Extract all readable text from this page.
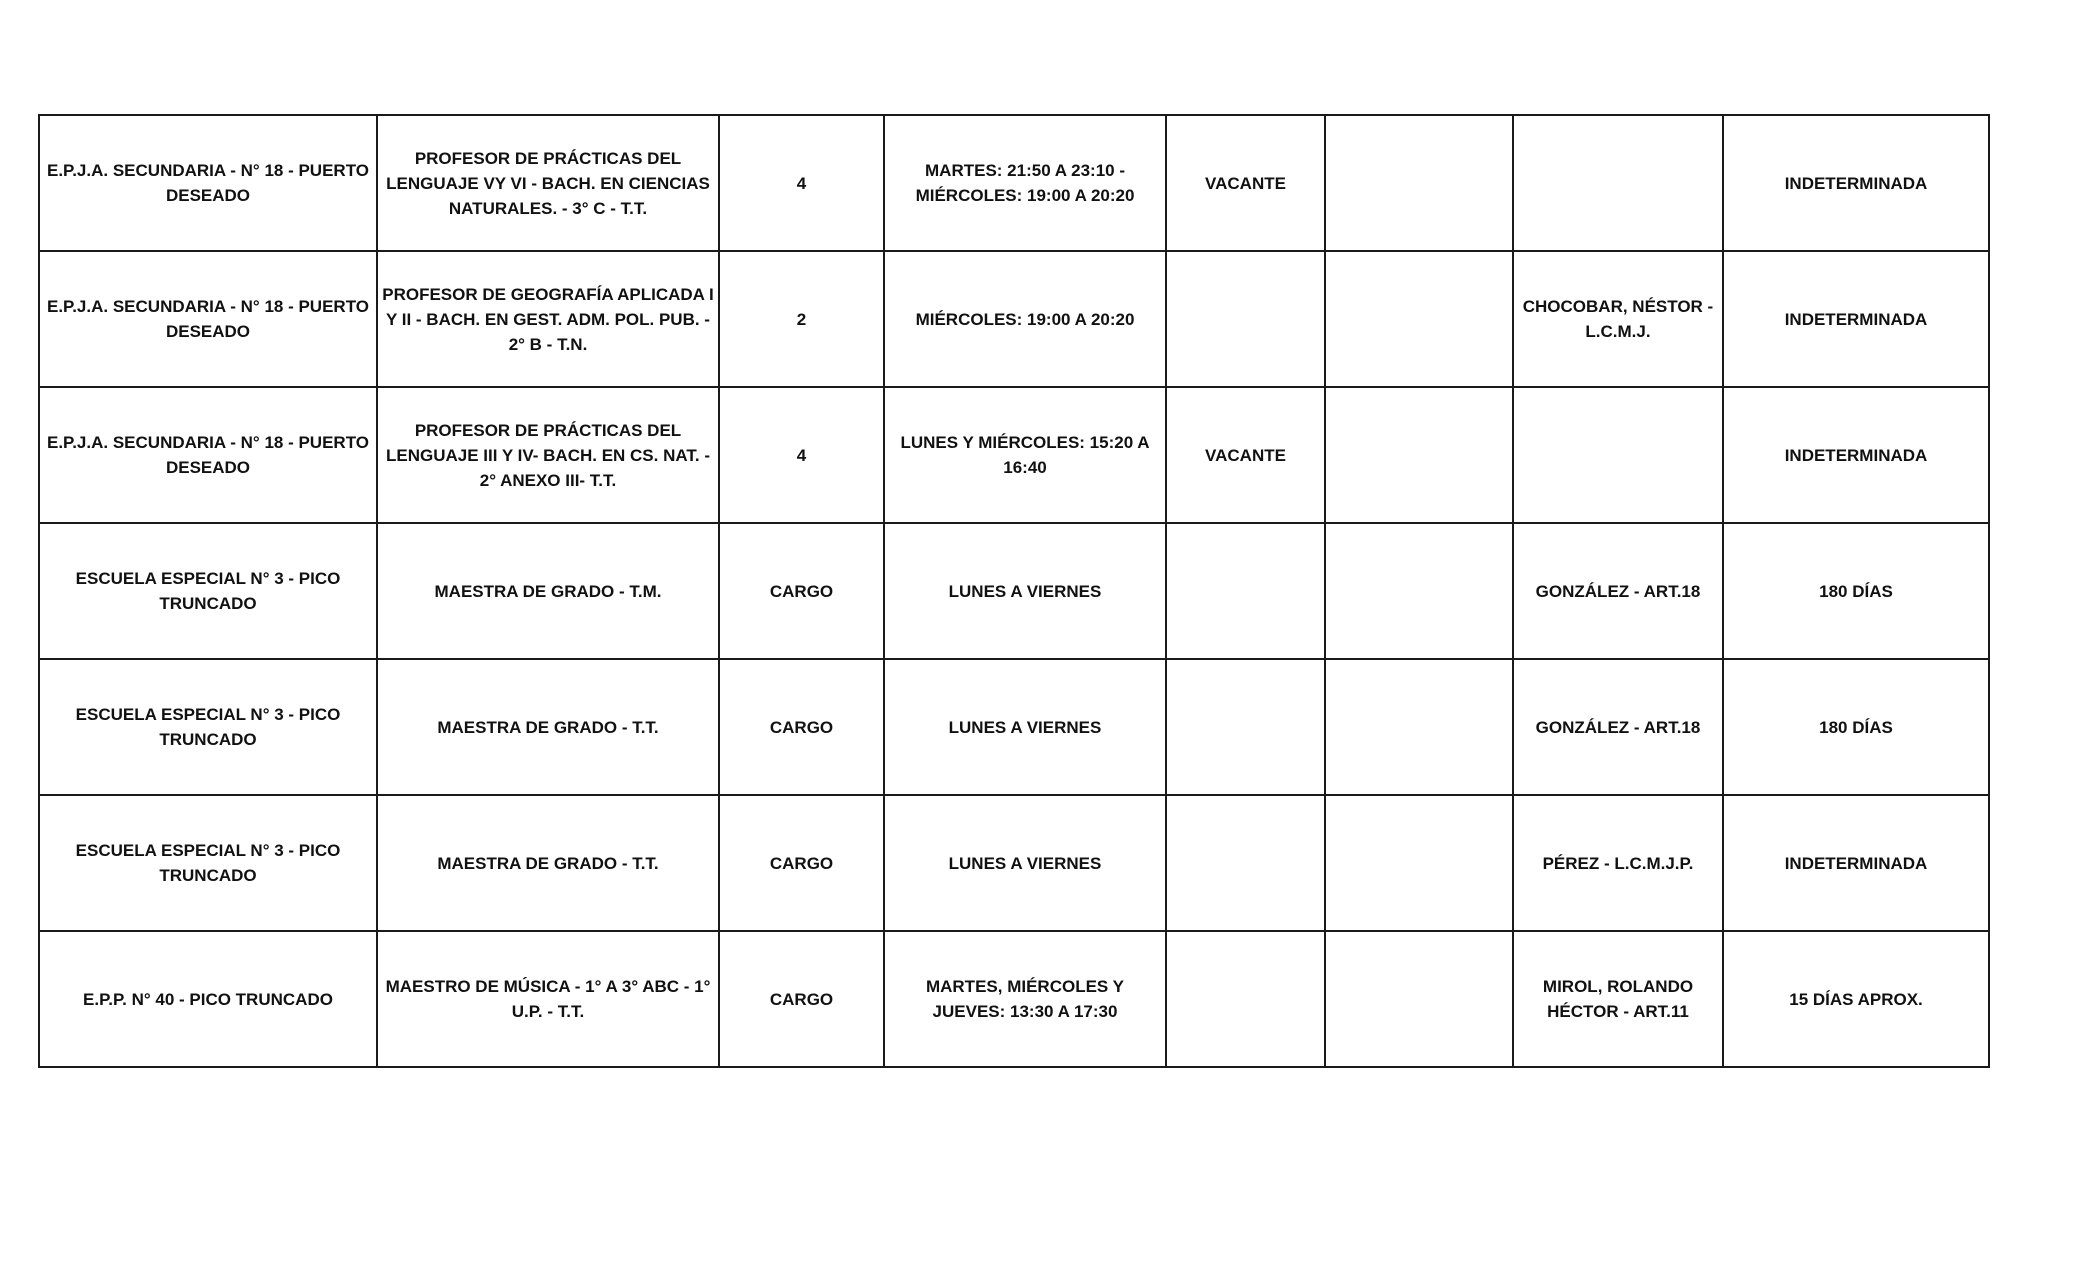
E.P.J.A. SECUNDARIA - N° 18 - PUERTO DESEADO	PROFESOR DE PRÁCTICAS DEL LENGUAJE VY VI - BACH. EN CIENCIAS NATURALES. - 3° C - T.T.	4	MARTES: 21:50 A 23:10 - MIÉRCOLES: 19:00 A 20:20	VACANTE			INDETERMINADA
E.P.J.A. SECUNDARIA - N° 18 - PUERTO DESEADO	PROFESOR DE GEOGRAFÍA APLICADA I Y II - BACH. EN GEST. ADM. POL. PUB. - 2° B - T.N.	2	MIÉRCOLES: 19:00 A 20:20			CHOCOBAR, NÉSTOR - L.C.M.J.	INDETERMINADA
E.P.J.A. SECUNDARIA - N° 18 - PUERTO DESEADO	PROFESOR DE PRÁCTICAS DEL LENGUAJE III Y IV- BACH. EN CS. NAT. - 2° ANEXO III- T.T.	4	LUNES Y MIÉRCOLES: 15:20 A 16:40	VACANTE			INDETERMINADA
ESCUELA ESPECIAL N° 3 - PICO TRUNCADO	MAESTRA DE GRADO - T.M.	CARGO	LUNES A VIERNES			GONZÁLEZ - ART.18	180 DÍAS
ESCUELA ESPECIAL N° 3 - PICO TRUNCADO	MAESTRA DE GRADO - T.T.	CARGO	LUNES A VIERNES			GONZÁLEZ - ART.18	180 DÍAS
ESCUELA ESPECIAL N° 3 - PICO TRUNCADO	MAESTRA DE GRADO - T.T.	CARGO	LUNES A VIERNES			PÉREZ - L.C.M.J.P.	INDETERMINADA
E.P.P. N° 40 - PICO TRUNCADO	MAESTRO DE MÚSICA - 1° A 3° ABC - 1° U.P. - T.T.	CARGO	MARTES, MIÉRCOLES Y JUEVES: 13:30 A 17:30			MIROL, ROLANDO HÉCTOR - ART.11	15 DÍAS APROX.
